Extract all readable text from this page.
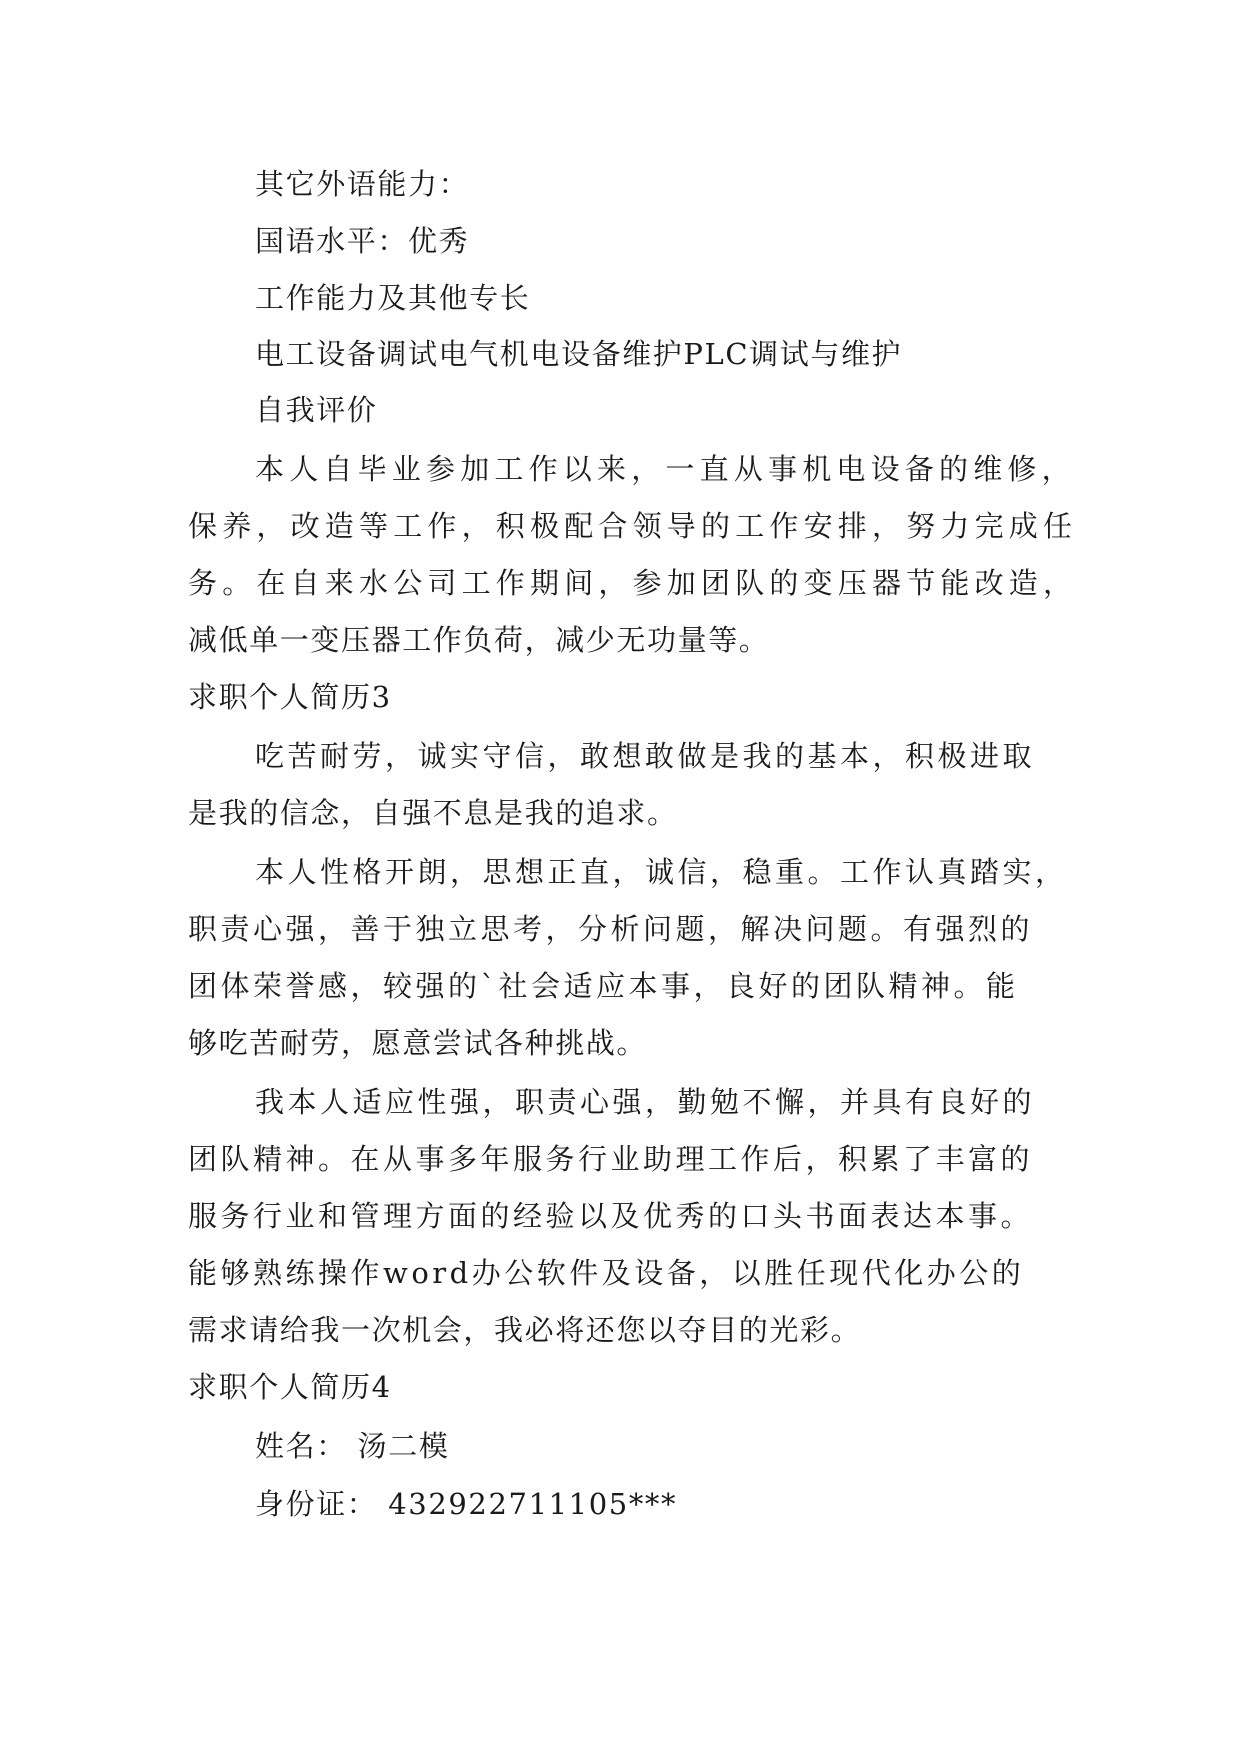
其它外语能力：
国语水平：优秀
工作能力及其他专长
电工设备调试电气机电设备维护PLC调试与维护
自我评价
本人自毕业参加工作以来，一直从事机电设备的维修，
保养，改造等工作，积极配合领导的工作安排，努力完成任
务。在自来水公司工作期间，参加团队的变压器节能改造，
减低单一变压器工作负荷，减少无功量等。
求职个人简历3
吃苦耐劳，诚实守信，敢想敢做是我的基本，积极进取
是我的信念，自强不息是我的追求。
本人性格开朗，思想正直，诚信，稳重。工作认真踏实，
职责心强，善于独立思考，分析问题，解决问题。有强烈的
团体荣誉感，较强的`社会适应本事，良好的团队精神。能
够吃苦耐劳，愿意尝试各种挑战。
我本人适应性强，职责心强，勤勉不懈，并具有良好的
团队精神。在从事多年服务行业助理工作后，积累了丰富的
服务行业和管理方面的经验以及优秀的口头书面表达本事。
能够熟练操作word办公软件及设备，以胜任现代化办公的
需求请给我一次机会，我必将还您以夺目的光彩。
求职个人简历4
姓名： 汤二模
身份证： 432922711105***
